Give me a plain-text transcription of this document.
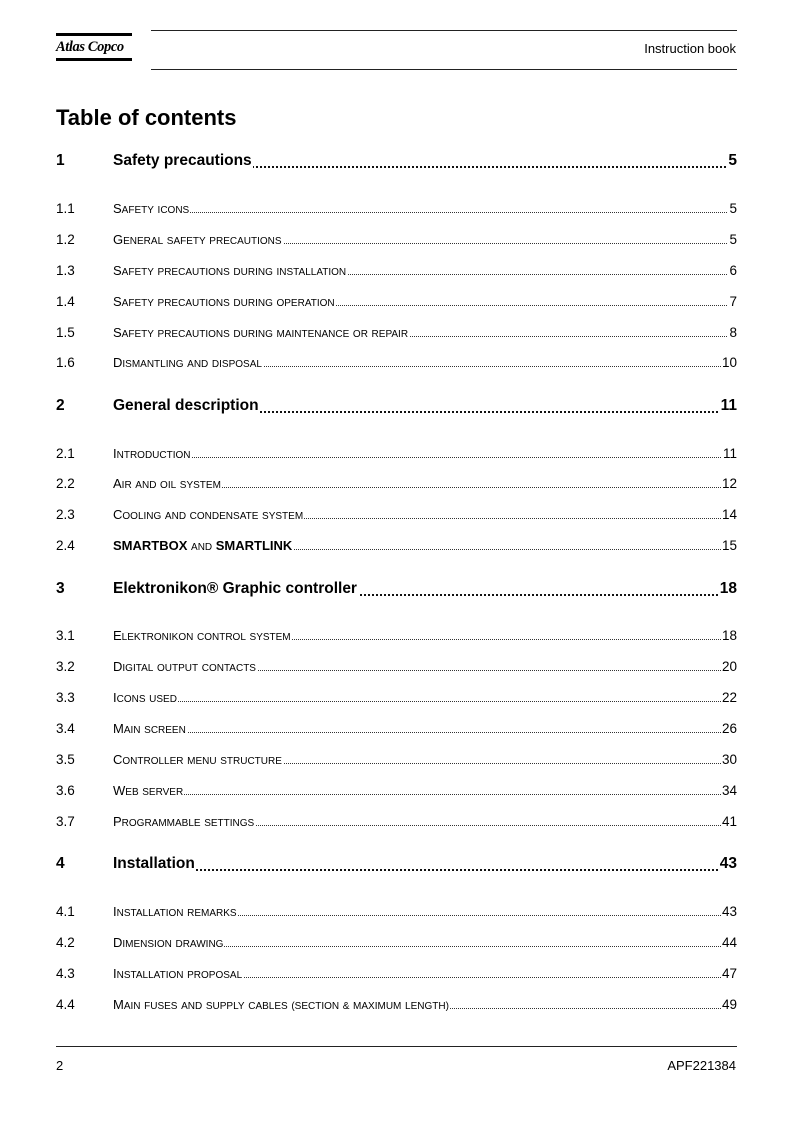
Atlas Copco	Instruction book
Table of contents
1	Safety precautions	5
1.1	SAFETY ICONS	5
1.2	GENERAL SAFETY PRECAUTIONS	5
1.3	SAFETY PRECAUTIONS DURING INSTALLATION	6
1.4	SAFETY PRECAUTIONS DURING OPERATION	7
1.5	SAFETY PRECAUTIONS DURING MAINTENANCE OR REPAIR	8
1.6	DISMANTLING AND DISPOSAL	10
2	General description	11
2.1	INTRODUCTION	11
2.2	AIR AND OIL SYSTEM	12
2.3	COOLING AND CONDENSATE SYSTEM	14
2.4	SMARTBOX AND SMARTLINK	15
3	Elektronikon® Graphic controller	18
3.1	ELEKTRONIKON CONTROL SYSTEM	18
3.2	DIGITAL OUTPUT CONTACTS	20
3.3	ICONS USED	22
3.4	MAIN SCREEN	26
3.5	CONTROLLER MENU STRUCTURE	30
3.6	WEB SERVER	34
3.7	PROGRAMMABLE SETTINGS	41
4	Installation	43
4.1	INSTALLATION REMARKS	43
4.2	DIMENSION DRAWING	44
4.3	INSTALLATION PROPOSAL	47
4.4	MAIN FUSES AND SUPPLY CABLES (SECTION & MAXIMUM LENGTH)	49
2	APF221384
